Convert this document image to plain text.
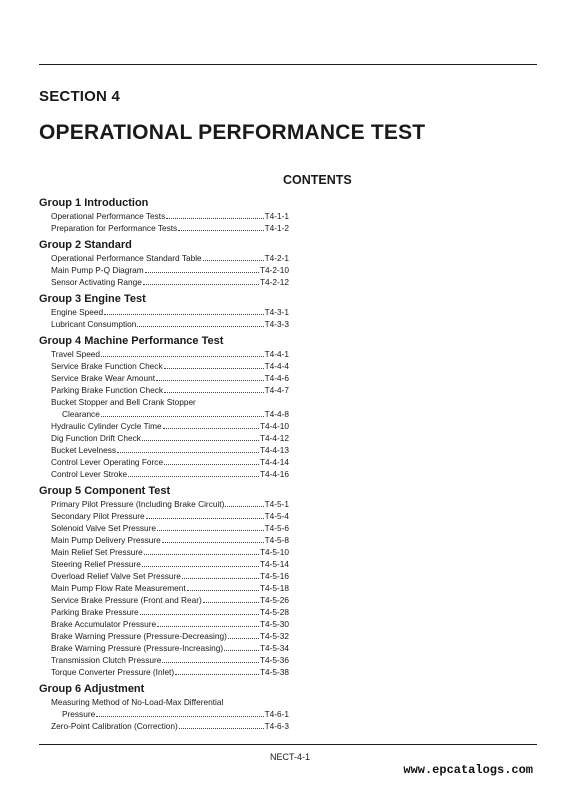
SECTION 4
OPERATIONAL PERFORMANCE TEST
CONTENTS
Group 1 Introduction
Operational Performance Tests	T4-1-1
Preparation for Performance Tests	T4-1-2
Group 2 Standard
Operational Performance Standard Table	T4-2-1
Main Pump P-Q Diagram	T4-2-10
Sensor Activating Range	T4-2-12
Group 3 Engine Test
Engine Speed	T4-3-1
Lubricant Consumption	T4-3-3
Group 4 Machine Performance Test
Travel Speed	T4-4-1
Service Brake Function Check	T4-4-4
Service Brake Wear Amount	T4-4-6
Parking Brake Function Check	T4-4-7
Bucket Stopper and Bell Crank Stopper
Clearance	T4-4-8
Hydraulic Cylinder Cycle Time	T4-4-10
Dig Function Drift Check	T4-4-12
Bucket Levelness	T4-4-13
Control Lever Operating Force	T4-4-14
Control Lever Stroke	T4-4-16
Group 5 Component Test
Primary Pilot Pressure (Including Brake Circuit)	T4-5-1
Secondary Pilot Pressure	T4-5-4
Solenoid Valve Set Pressure	T4-5-6
Main Pump Delivery Pressure	T4-5-8
Main Relief Set Pressure	T4-5-10
Steering Relief Pressure	T4-5-14
Overload Relief Valve Set Pressure	T4-5-16
Main Pump Flow Rate Measurement	T4-5-18
Service Brake Pressure (Front and Rear)	T4-5-26
Parking Brake Pressure	T4-5-28
Brake Accumulator Pressure	T4-5-30
Brake Warning Pressure (Pressure-Decreasing)	T4-5-32
Brake Warning Pressure (Pressure-Increasing)	T4-5-34
Transmission Clutch Pressure	T4-5-36
Torque Converter Pressure (Inlet)	T4-5-38
Group 6 Adjustment
Measuring Method of No-Load-Max Differential
Pressure	T4-6-1
Zero-Point Calibration (Correction)	T4-6-3
NECT-4-1
www.epcatalogs.com
